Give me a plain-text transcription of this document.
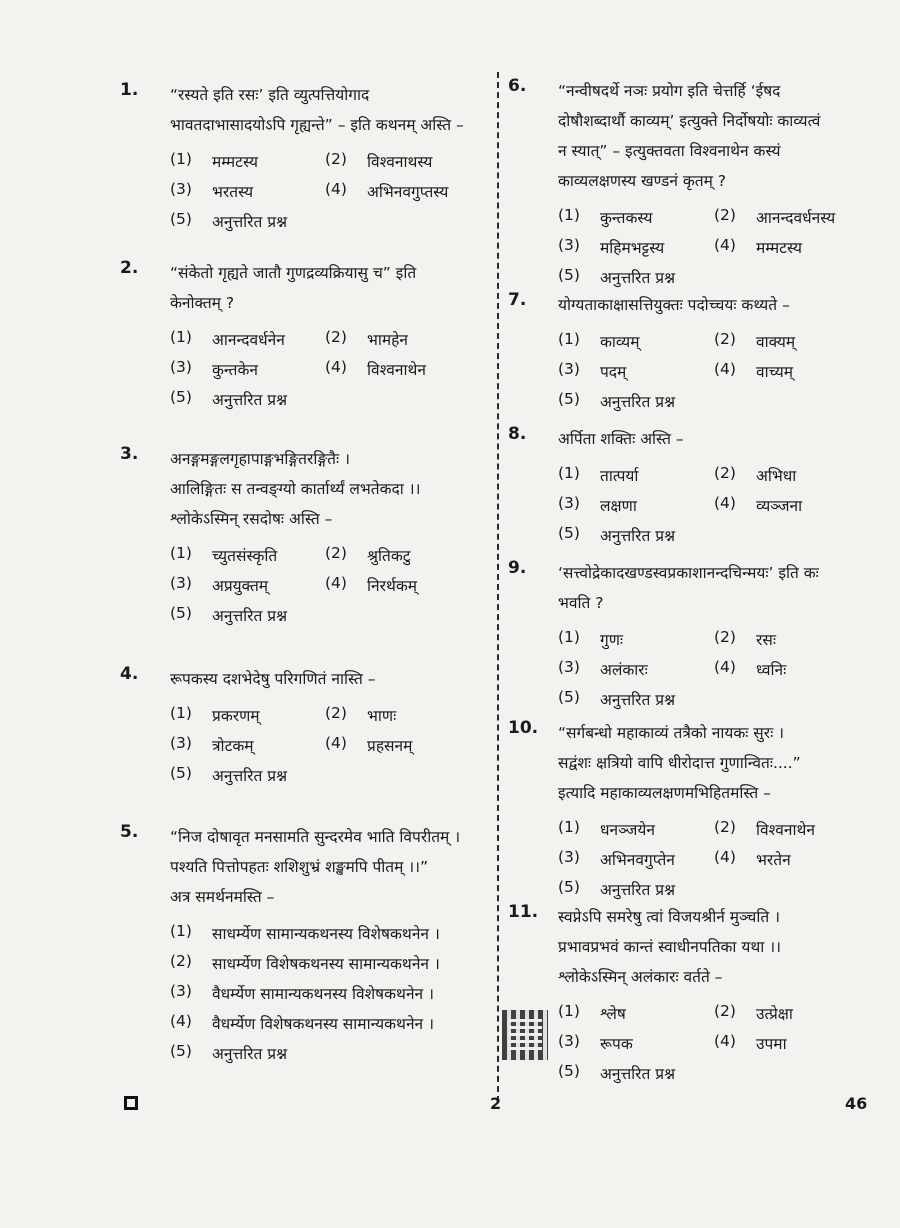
1. “रस्यते इति रसः’ इति व्युत्पत्तियोगाद
भावतदाभासादयोऽपि गृह्यन्ते” – इति कथनम् अस्ति –
(1)	मम्मटस्य	(2)	विश्वनाथस्य
(3)	भरतस्य	(4)	अभिनवगुप्तस्य
(5)	अनुत्तरित प्रश्न
2. “संकेतो गृह्यते जातौ गुणद्रव्यक्रियासु च” इति
केनोक्तम् ?
(1)	आनन्दवर्धनेन	(2)	भामहेन
(3)	कुन्तकेन	(4)	विश्वनाथेन
(5)	अनुत्तरित प्रश्न
3. अनङ्गमङ्गलगृहापाङ्गभङ्गितरङ्गितैः ।
आलिङ्गितः स तन्वङ्ग्यो कार्तार्थ्यं लभतेकदा ।।
श्लोकेऽस्मिन् रसदोषः अस्ति –
(1)	च्युतसंस्कृति	(2)	श्रुतिकटु
(3)	अप्रयुक्तम्	(4)	निरर्थकम्
(5)	अनुत्तरित प्रश्न
4. रूपकस्य दशभेदेषु परिगणितं नास्ति –
(1)	प्रकरणम्	(2)	भाणः
(3)	त्रोटकम्	(4)	प्रहसनम्
(5)	अनुत्तरित प्रश्न
5. “निज दोषावृत मनसामति सुन्दरमेव भाति विपरीतम् ।
पश्यति पित्तोपहतः शशिशुभ्रं शङ्खमपि पीतम् ।।”
अत्र समर्थनमस्ति –
(1)	साधर्म्येण सामान्यकथनस्य विशेषकथनेन ।
(2)	साधर्म्येण विशेषकथनस्य सामान्यकथनेन ।
(3)	वैधर्म्येण सामान्यकथनस्य विशेषकथनेन ।
(4)	वैधर्म्येण विशेषकथनस्य सामान्यकथनेन ।
(5)	अनुत्तरित प्रश्न
6. “नन्वीषदर्थे नञः प्रयोग इति चेत्तर्हि ‘ईषद
दोषौशब्दार्थौ काव्यम्’ इत्युक्ते निर्दोषयोः काव्यत्वं
न स्यात्” – इत्युक्तवता विश्वनाथेन कस्यं
काव्यलक्षणस्य खण्डनं कृतम् ?
(1)	कुन्तकस्य	(2)	आनन्दवर्धनस्य
(3)	महिमभट्टस्य	(4)	मम्मटस्य
(5)	अनुत्तरित प्रश्न
7. योग्यताकाक्षासत्तियुक्तः पदोच्चयः कथ्यते –
(1)	काव्यम्	(2)	वाक्यम्
(3)	पदम्	(4)	वाच्यम्
(5)	अनुत्तरित प्रश्न
8. अर्पिता शक्तिः अस्ति –
(1)	तात्पर्या	(2)	अभिधा
(3)	लक्षणा	(4)	व्यञ्जना
(5)	अनुत्तरित प्रश्न
9. ‘सत्त्वोद्रेकादखण्डस्वप्रकाशानन्दचिन्मयः’ इति कः
भवति ?
(1)	गुणः	(2)	रसः
(3)	अलंकारः	(4)	ध्वनिः
(5)	अनुत्तरित प्रश्न
10. “सर्गबन्धो महाकाव्यं तत्रैको नायकः सुरः ।
सद्वंशः क्षत्रियो वापि धीरोदात्त गुणान्वितः....”
इत्यादि महाकाव्यलक्षणमभिहितमस्ति –
(1)	धनञ्जयेन	(2)	विश्वनाथेन
(3)	अभिनवगुप्तेन	(4)	भरतेन
(5)	अनुत्तरित प्रश्न
11. स्वप्नेऽपि समरेषु त्वां विजयश्रीर्न मुञ्चति ।
प्रभावप्रभवं कान्तं स्वाधीनपतिका यथा ।।
श्लोकेऽस्मिन् अलंकारः वर्तते –
(1)	श्लेष	(2)	उत्प्रेक्षा
(3)	रूपक	(4)	उपमा
(5)	अनुत्तरित प्रश्न
2	46
